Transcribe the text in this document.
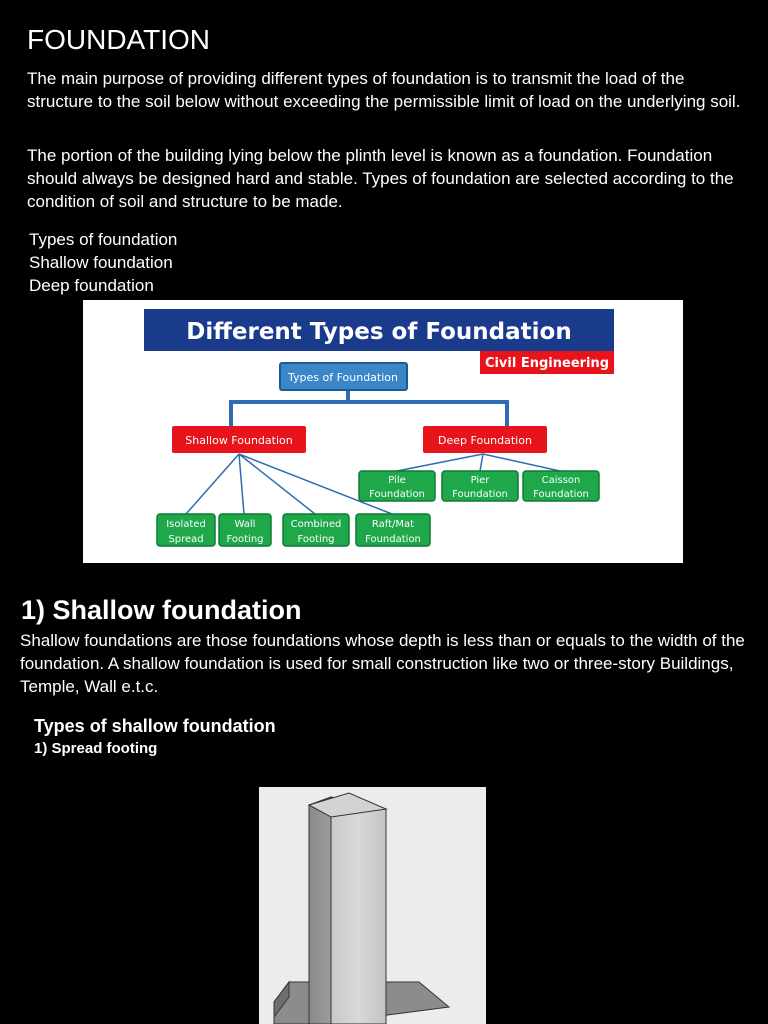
FOUNDATION
The main purpose of providing different types of foundation is to transmit the load of the structure to the soil below without exceeding the permissible limit of load on the underlying soil.
The portion of the building lying below the plinth level is known as a foundation. Foundation should always be designed hard and stable. Types of foundation are selected according to the condition of soil and structure to be made.
Types of foundation
Shallow foundation
Deep foundation
Different Types of Foundation
Civil Engineering
Types of Foundation
Shallow Foundation	Deep Foundation
Pile
Foundation
Pier
Foundation
Caisson
Foundation
Isolated
Spread
Wall
Footing
Combined
Footing
Raft/Mat
Foundation
1) Shallow foundation
Shallow foundations are those foundations whose depth is less than or equals to the width of the foundation. A shallow foundation is used for small construction like two or three-story Buildings, Temple, Wall e.t.c.
Types of shallow foundation
1) Spread footing
